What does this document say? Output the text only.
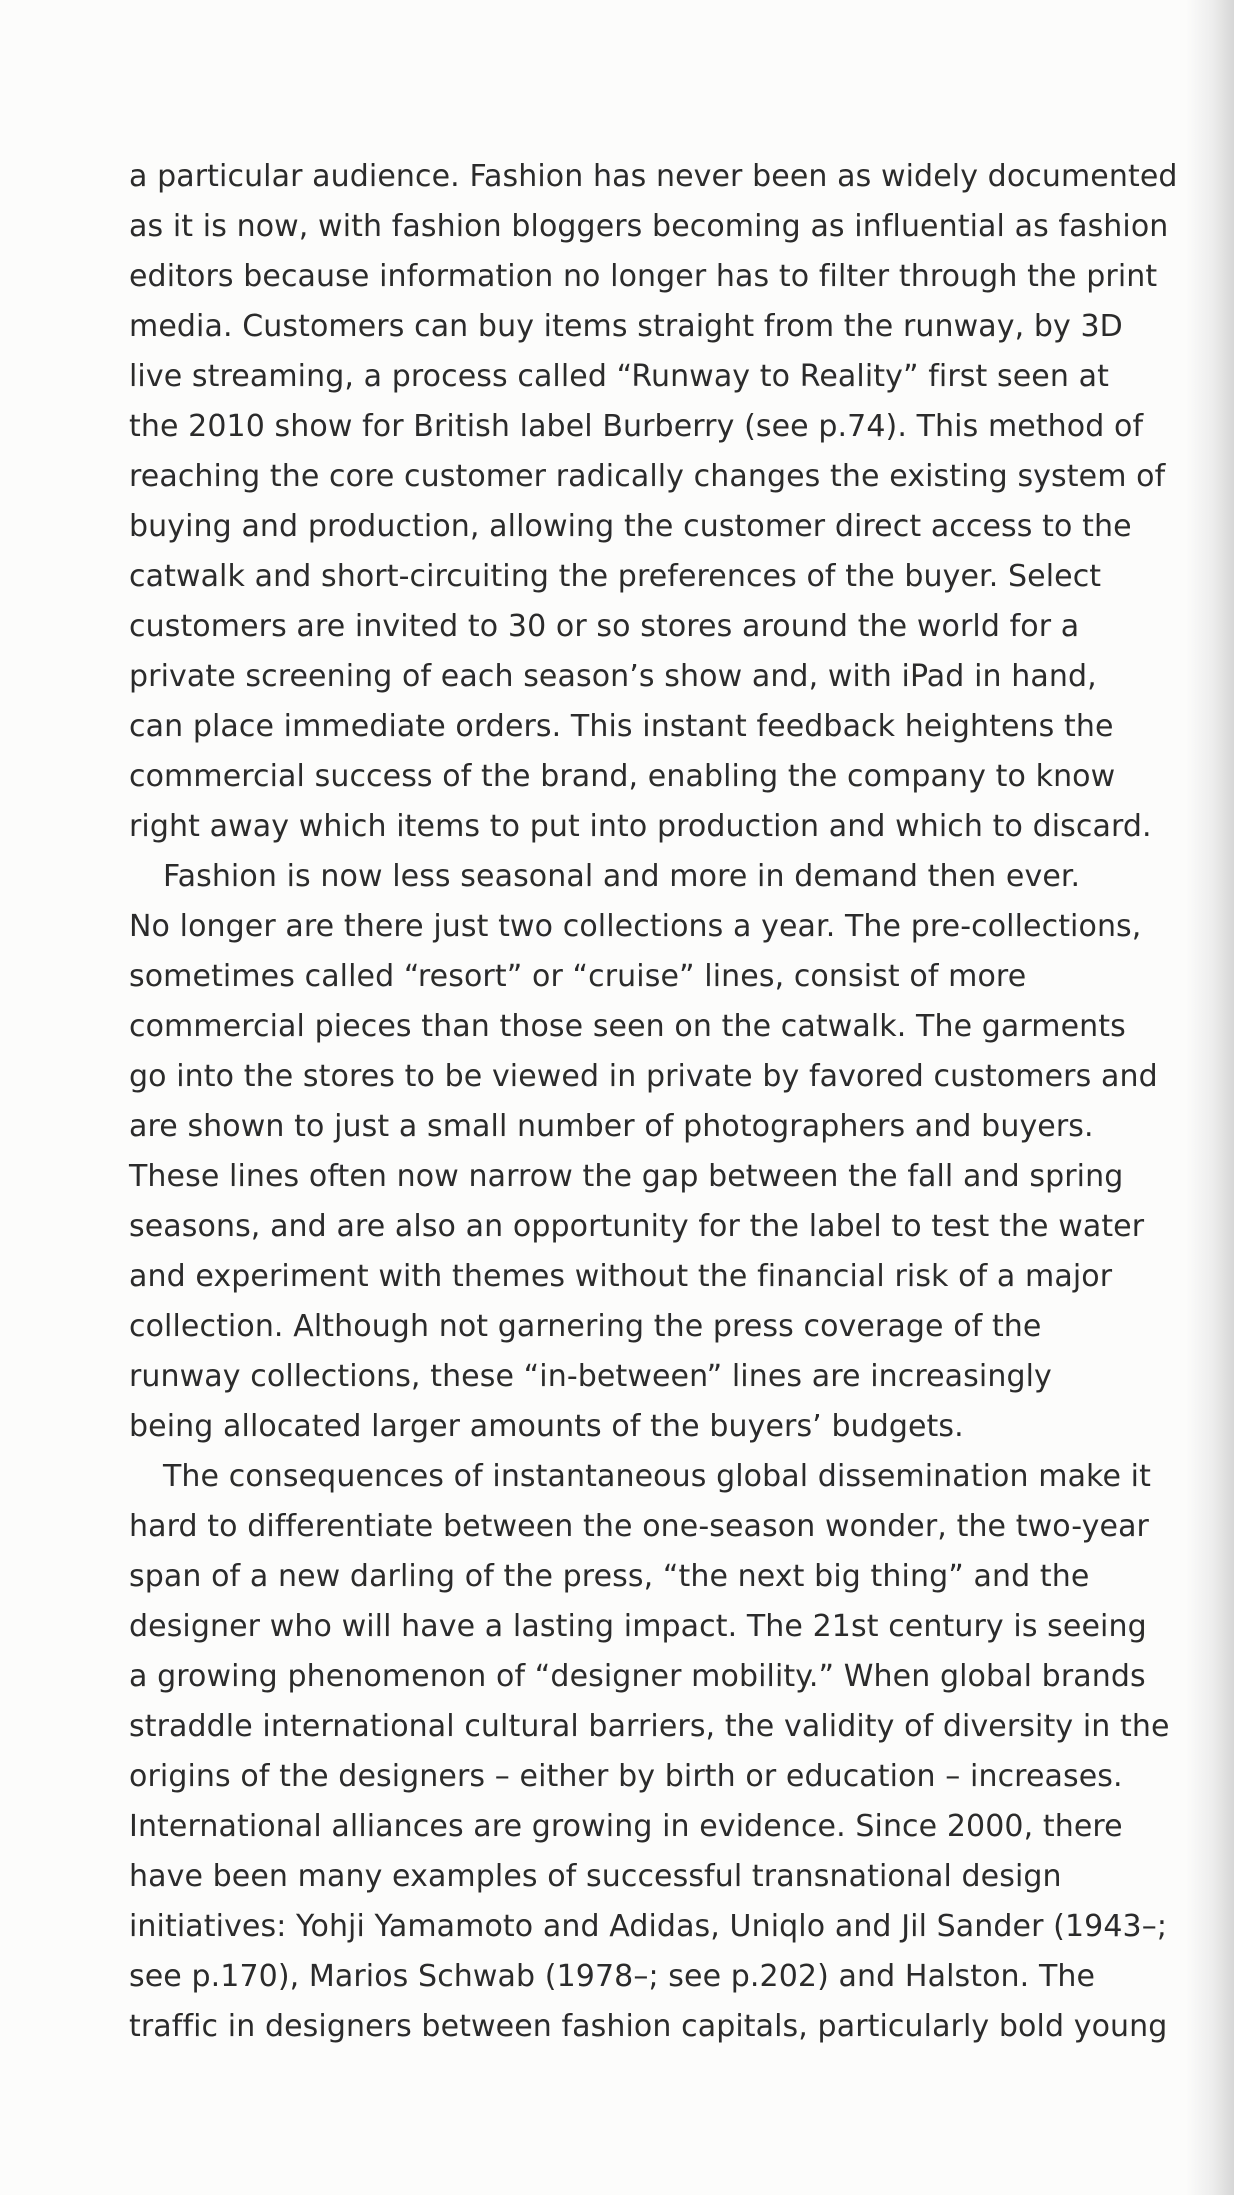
a particular audience. Fashion has never been as widely documented
as it is now, with fashion bloggers becoming as influential as fashion
editors because information no longer has to filter through the print
media. Customers can buy items straight from the runway, by 3D
live streaming, a process called “Runway to Reality” first seen at
the 2010 show for British label Burberry (see p.74). This method of
reaching the core customer radically changes the existing system of
buying and production, allowing the customer direct access to the
catwalk and short-circuiting the preferences of the buyer. Select
customers are invited to 30 or so stores around the world for a
private screening of each season’s show and, with iPad in hand,
can place immediate orders. This instant feedback heightens the
commercial success of the brand, enabling the company to know
right away which items to put into production and which to discard.
Fashion is now less seasonal and more in demand then ever.
No longer are there just two collections a year. The pre-collections,
sometimes called “resort” or “cruise” lines, consist of more
commercial pieces than those seen on the catwalk. The garments
go into the stores to be viewed in private by favored customers and
are shown to just a small number of photographers and buyers.
These lines often now narrow the gap between the fall and spring
seasons, and are also an opportunity for the label to test the water
and experiment with themes without the financial risk of a major
collection. Although not garnering the press coverage of the
runway collections, these “in-between” lines are increasingly
being allocated larger amounts of the buyers’ budgets.
The consequences of instantaneous global dissemination make it
hard to differentiate between the one-season wonder, the two-year
span of a new darling of the press, “the next big thing” and the
designer who will have a lasting impact. The 21st century is seeing
a growing phenomenon of “designer mobility.” When global brands
straddle international cultural barriers, the validity of diversity in the
origins of the designers – either by birth or education – increases.
International alliances are growing in evidence. Since 2000, there
have been many examples of successful transnational design
initiatives: Yohji Yamamoto and Adidas, Uniqlo and Jil Sander (1943–;
see p.170), Marios Schwab (1978–; see p.202) and Halston. The
traffic in designers between fashion capitals, particularly bold young
